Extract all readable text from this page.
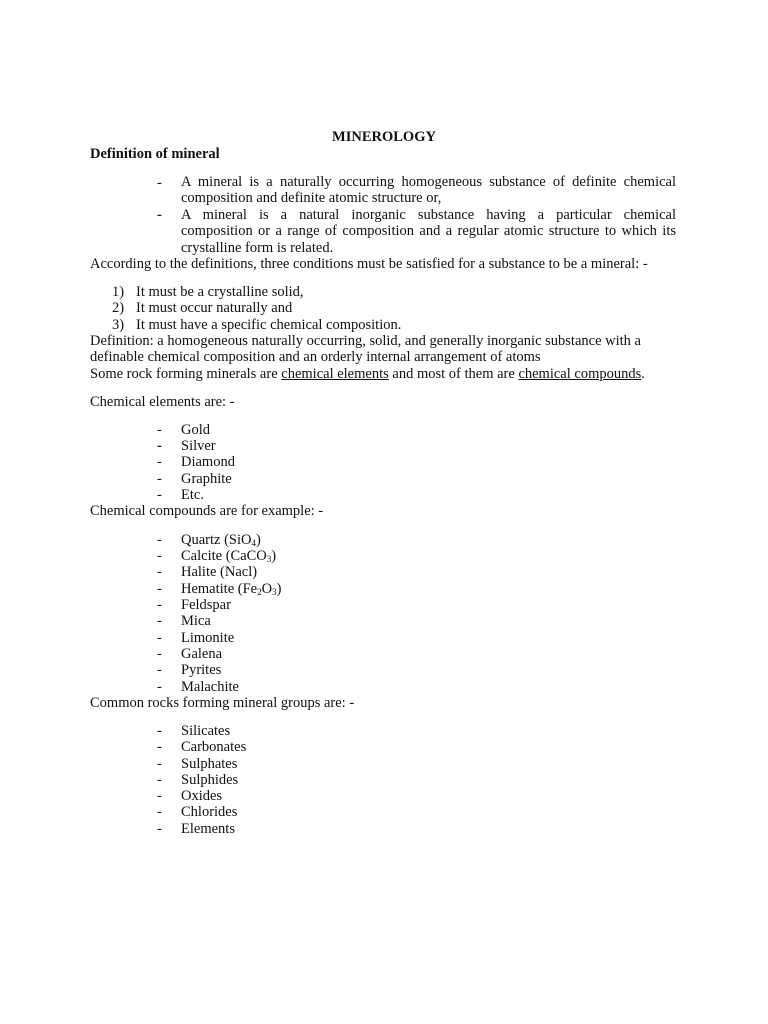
MINEROLOGY
Definition of mineral
- A mineral is a naturally occurring homogeneous substance of definite chemical
composition and definite atomic structure or,
- A mineral is a natural inorganic substance having a particular chemical
composition or a range of composition and a regular atomic structure to which its
crystalline form is related.
According to the definitions, three conditions must be satisfied for a substance to be a mineral: -
1) It must be a crystalline solid,
2) It must occur naturally and
3) It must have a specific chemical composition.
Definition: a homogeneous naturally occurring, solid, and generally inorganic substance with a
definable chemical composition and an orderly internal arrangement of atoms
Some rock forming minerals are chemical elements and most of them are chemical compounds.
Chemical elements are: -
- Gold
- Silver
- Diamond
- Graphite
- Etc.
Chemical compounds are for example: -
- Quartz (SiO$_4$)
- Calcite (CaCO$_3$)
- Halite (Nacl)
- Hematite $(Fe_2O_3)$
- Feldspar
- Mica
- Limonite
- Galena
- Pyrites
- Malachite
Common rocks forming mineral groups are: -
- Silicates
- Carbonates
- Sulphates
- Sulphides
- Oxides
- Chlorides
- Elements
